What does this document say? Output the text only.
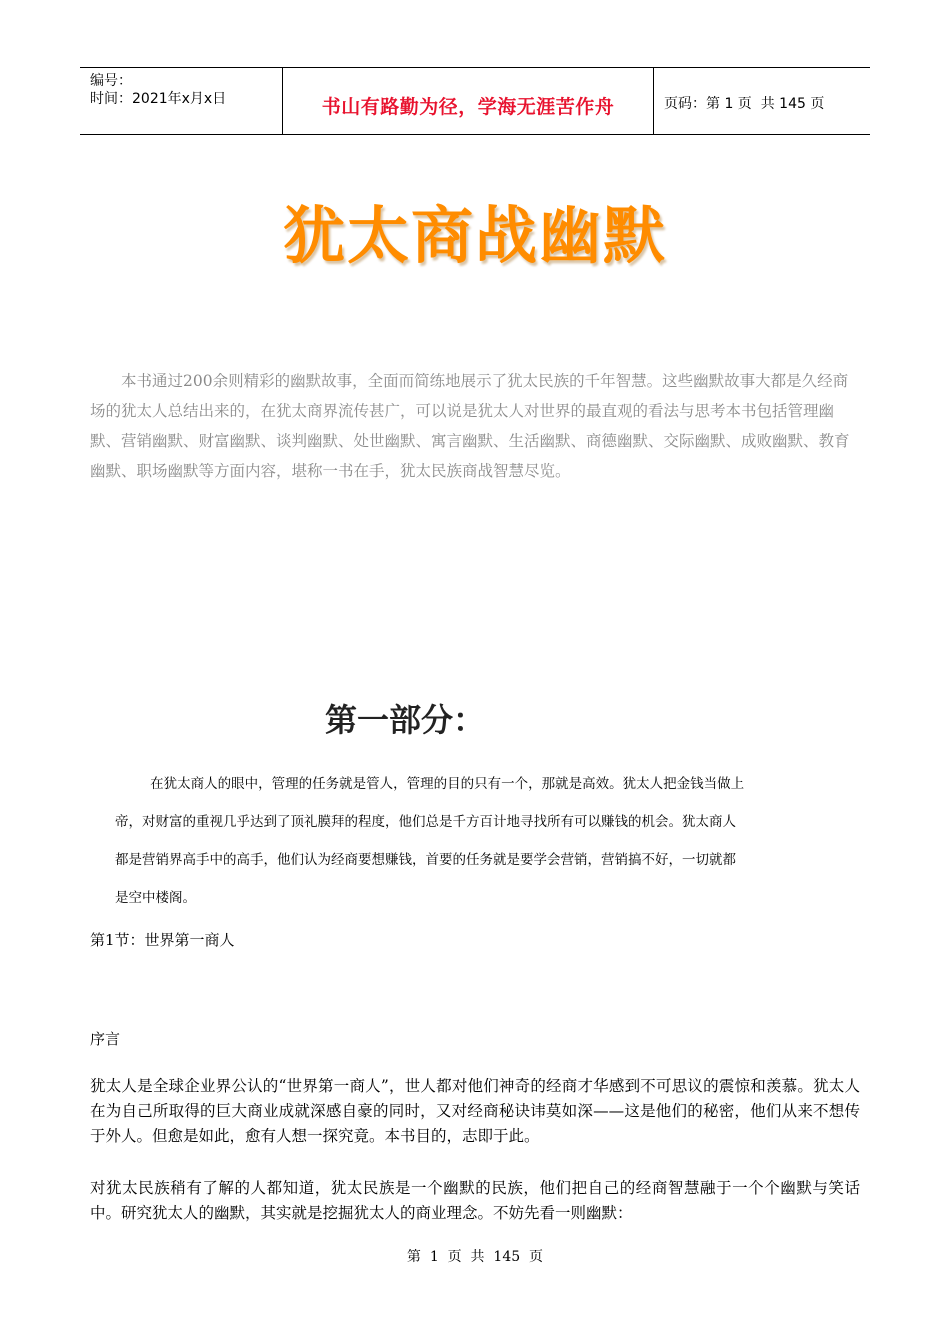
编号：
时间：2021年x月x日	书山有路勤为径，学海无涯苦作舟	页码：第 1 页  共 145 页
犹太商战幽默
本书通过200余则精彩的幽默故事，全面而简练地展示了犹太民族的千年智慧。这些幽默故事大都是久经商场的犹太人总结出来的，在犹太商界流传甚广，可以说是犹太人对世界的最直观的看法与思考本书包括管理幽默、营销幽默、财富幽默、谈判幽默、处世幽默、寓言幽默、生活幽默、商德幽默、交际幽默、成败幽默、教育幽默、职场幽默等方面内容，堪称一书在手，犹太民族商战智慧尽览。
第一部分：
在犹太商人的眼中，管理的任务就是管人，管理的目的只有一个，那就是高效。犹太人把金钱当做上帝，对财富的重视几乎达到了顶礼膜拜的程度，他们总是千方百计地寻找所有可以赚钱的机会。犹太商人都是营销界高手中的高手，他们认为经商要想赚钱，首要的任务就是要学会营销，营销搞不好，一切就都是空中楼阁。
第1节：世界第一商人
序言
犹太人是全球企业界公认的“世界第一商人”，世人都对他们神奇的经商才华感到不可思议的震惊和羡慕。犹太人在为自己所取得的巨大商业成就深感自豪的同时，又对经商秘诀讳莫如深——这是他们的秘密，他们从来不想传于外人。但愈是如此，愈有人想一探究竟。本书目的，志即于此。
对犹太民族稍有了解的人都知道，犹太民族是一个幽默的民族，他们把自己的经商智慧融于一个个幽默与笑话中。研究犹太人的幽默，其实就是挖掘犹太人的商业理念。不妨先看一则幽默：
第  1  页  共  145  页
